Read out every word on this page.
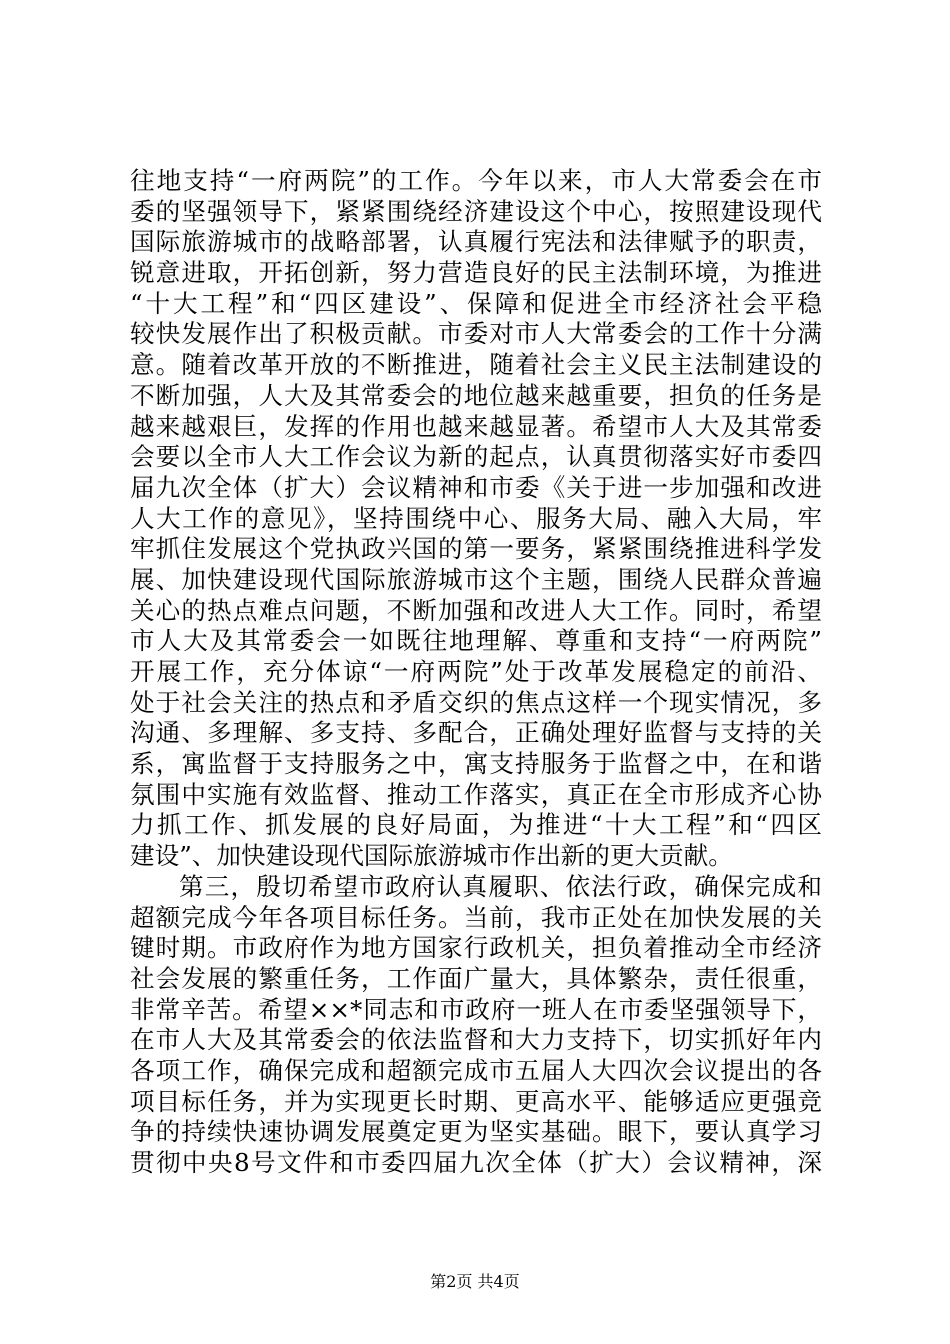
往地支持“一府两院”的工作。今年以来，市人大常委会在市
委的坚强领导下，紧紧围绕经济建设这个中心，按照建设现代
国际旅游城市的战略部署，认真履行宪法和法律赋予的职责，
锐意进取，开拓创新，努力营造良好的民主法制环境，为推进
“十大工程”和“四区建设”、保障和促进全市经济社会平稳
较快发展作出了积极贡献。市委对市人大常委会的工作十分满
意。随着改革开放的不断推进，随着社会主义民主法制建设的
不断加强，人大及其常委会的地位越来越重要，担负的任务是
越来越艰巨，发挥的作用也越来越显著。希望市人大及其常委
会要以全市人大工作会议为新的起点，认真贯彻落实好市委四
届九次全体（扩大）会议精神和市委《关于进一步加强和改进
人大工作的意见》，坚持围绕中心、服务大局、融入大局，牢
牢抓住发展这个党执政兴国的第一要务，紧紧围绕推进科学发
展、加快建设现代国际旅游城市这个主题，围绕人民群众普遍
关心的热点难点问题，不断加强和改进人大工作。同时，希望
市人大及其常委会一如既往地理解、尊重和支持“一府两院”
开展工作，充分体谅“一府两院”处于改革发展稳定的前沿、
处于社会关注的热点和矛盾交织的焦点这样一个现实情况，多
沟通、多理解、多支持、多配合，正确处理好监督与支持的关
系，寓监督于支持服务之中，寓支持服务于监督之中，在和谐
氛围中实施有效监督、推动工作落实，真正在全市形成齐心协
力抓工作、抓发展的良好局面，为推进“十大工程”和“四区
建设”、加快建设现代国际旅游城市作出新的更大贡献。
第三，殷切希望市政府认真履职、依法行政，确保完成和
超额完成今年各项目标任务。当前，我市正处在加快发展的关
键时期。市政府作为地方国家行政机关，担负着推动全市经济
社会发展的繁重任务，工作面广量大，具体繁杂，责任很重，
非常辛苦。希望××*同志和市政府一班人在市委坚强领导下，
在市人大及其常委会的依法监督和大力支持下，切实抓好年内
各项工作，确保完成和超额完成市五届人大四次会议提出的各
项目标任务，并为实现更长时期、更高水平、能够适应更强竞
争的持续快速协调发展奠定更为坚实基础。眼下，要认真学习
贯彻中央8号文件和市委四届九次全体（扩大）会议精神，深
第2页 共4页
